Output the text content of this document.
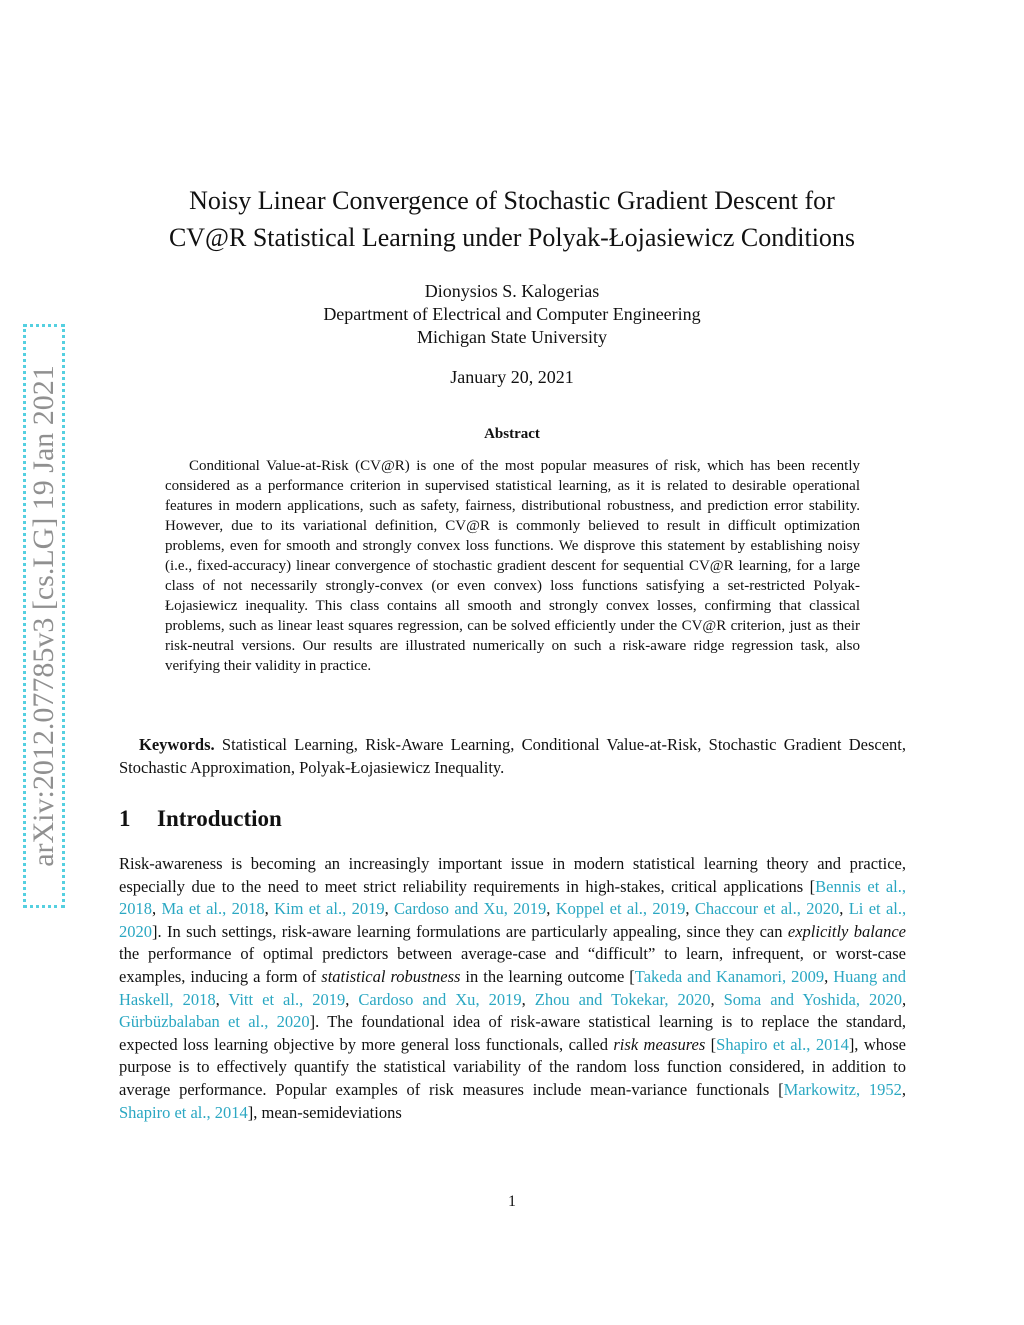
arXiv:2012.07785v3 [cs.LG] 19 Jan 2021
Noisy Linear Convergence of Stochastic Gradient Descent for
CV@R Statistical Learning under Polyak-Łojasiewicz Conditions
Dionysios S. Kalogerias
Department of Electrical and Computer Engineering
Michigan State University
January 20, 2021
Abstract
Conditional Value-at-Risk (CV@R) is one of the most popular measures of risk, which has been recently considered as a performance criterion in supervised statistical learning, as it is related to desirable operational features in modern applications, such as safety, fairness, distributional robustness, and prediction error stability. However, due to its variational definition, CV@R is commonly believed to result in difficult optimization problems, even for smooth and strongly convex loss functions. We disprove this statement by establishing noisy (i.e., fixed-accuracy) linear convergence of stochastic gradient descent for sequential CV@R learning, for a large class of not necessarily strongly-convex (or even convex) loss functions satisfying a set-restricted Polyak-Łojasiewicz inequality. This class contains all smooth and strongly convex losses, confirming that classical problems, such as linear least squares regression, can be solved efficiently under the CV@R criterion, just as their risk-neutral versions. Our results are illustrated numerically on such a risk-aware ridge regression task, also verifying their validity in practice.
Keywords. Statistical Learning, Risk-Aware Learning, Conditional Value-at-Risk, Stochastic Gradient Descent, Stochastic Approximation, Polyak-Łojasiewicz Inequality.
1 Introduction
Risk-awareness is becoming an increasingly important issue in modern statistical learning theory and practice, especially due to the need to meet strict reliability requirements in high-stakes, critical applications [Bennis et al., 2018, Ma et al., 2018, Kim et al., 2019, Cardoso and Xu, 2019, Koppel et al., 2019, Chaccour et al., 2020, Li et al., 2020]. In such settings, risk-aware learning formulations are particularly appealing, since they can explicitly balance the performance of optimal predictors between average-case and “difficult” to learn, infrequent, or worst-case examples, inducing a form of statistical robustness in the learning outcome [Takeda and Kanamori, 2009, Huang and Haskell, 2018, Vitt et al., 2019, Cardoso and Xu, 2019, Zhou and Tokekar, 2020, Soma and Yoshida, 2020, Gürbüzbalaban et al., 2020]. The foundational idea of risk-aware statistical learning is to replace the standard, expected loss learning objective by more general loss functionals, called risk measures [Shapiro et al., 2014], whose purpose is to effectively quantify the statistical variability of the random loss function considered, in addition to average performance. Popular examples of risk measures include mean-variance functionals [Markowitz, 1952, Shapiro et al., 2014], mean-semideviations
1
